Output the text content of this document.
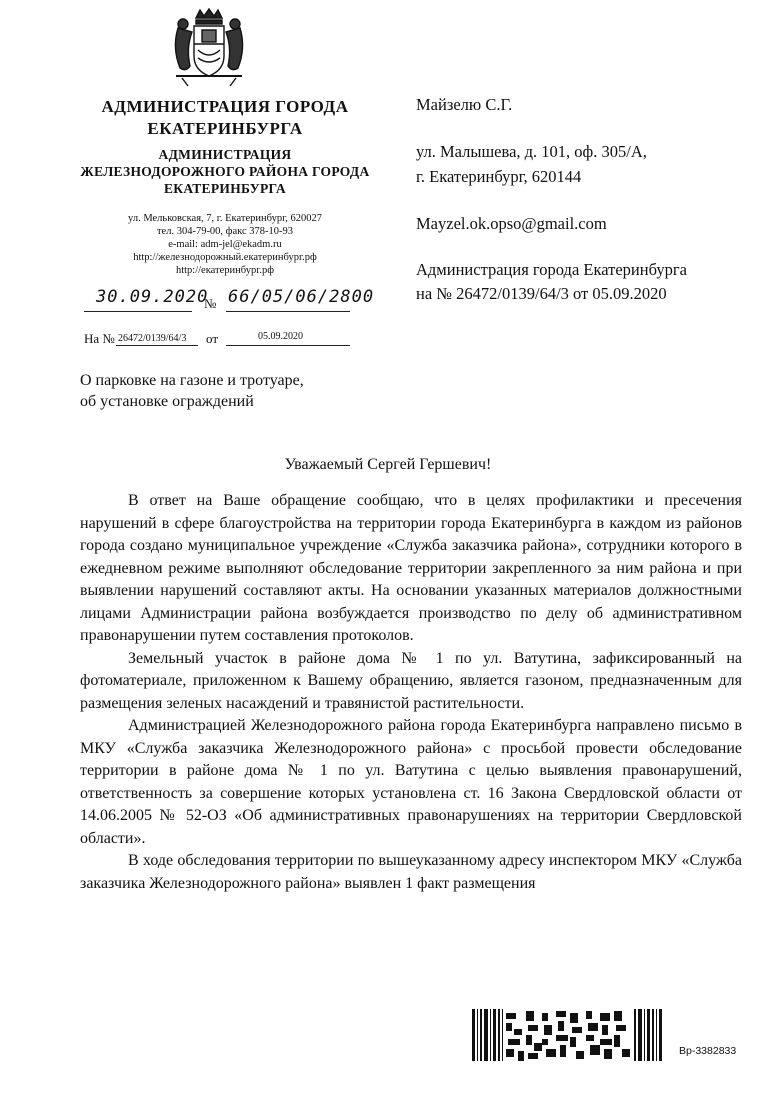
АДМИНИСТРАЦИЯ ГОРОДА ЕКАТЕРИНБУРГА
АДМИНИСТРАЦИЯ ЖЕЛЕЗНОДОРОЖНОГО РАЙОНА ГОРОДА ЕКАТЕРИНБУРГА
ул. Мельковская, 7, г. Екатеринбург, 620027
тел. 304-79-00, факс 378-10-93
e-mail: adm-jel@ekadm.ru
http://железнодорожный.екатеринбург.рф
http://екатеринбург.рф
30.09.2020
№ 66/05/06/2800
На № 26472/0139/64/3 от	05.09.2020
Майзелю С.Г.
ул. Малышева, д. 101, оф. 305/А,
г. Екатеринбург, 620144
Mayzel.ok.opso@gmail.com
Администрация города Екатеринбурга
на № 26472/0139/64/3 от 05.09.2020
О парковке на газоне и тротуаре,
об установке ограждений
Уважаемый Сергей Гершевич!

В ответ на Ваше обращение сообщаю, что в целях профилактики и пресечения нарушений в сфере благоустройства на территории города Екатеринбурга в каждом из районов города создано муниципальное учреждение «Служба заказчика района», сотрудники которого в ежедневном режиме выполняют обследование территории закрепленного за ним района и при выявлении нарушений составляют акты. На основании указанных материалов должностными лицами Администрации района возбуждается производство по делу об административном правонарушении путем составления протоколов.

Земельный участок в районе дома № 1 по ул. Ватутина, зафиксированный на фотоматериале, приложенном к Вашему обращению, является газоном, предназначенным для размещения зеленых насаждений и травянистой растительности.

Администрацией Железнодорожного района города Екатеринбурга направлено письмо в МКУ «Служба заказчика Железнодорожного района» с просьбой провести обследование территории в районе дома № 1 по ул. Ватутина с целью выявления правонарушений, ответственность за совершение которых установлена ст. 16 Закона Свердловской области от 14.06.2005 № 52-ОЗ «Об административных правонарушениях на территории Свердловской области».

В ходе обследования территории по вышеуказанному адресу инспектором МКУ «Служба заказчика Железнодорожного района» выявлен 1 факт размещения

Вр-3382833
